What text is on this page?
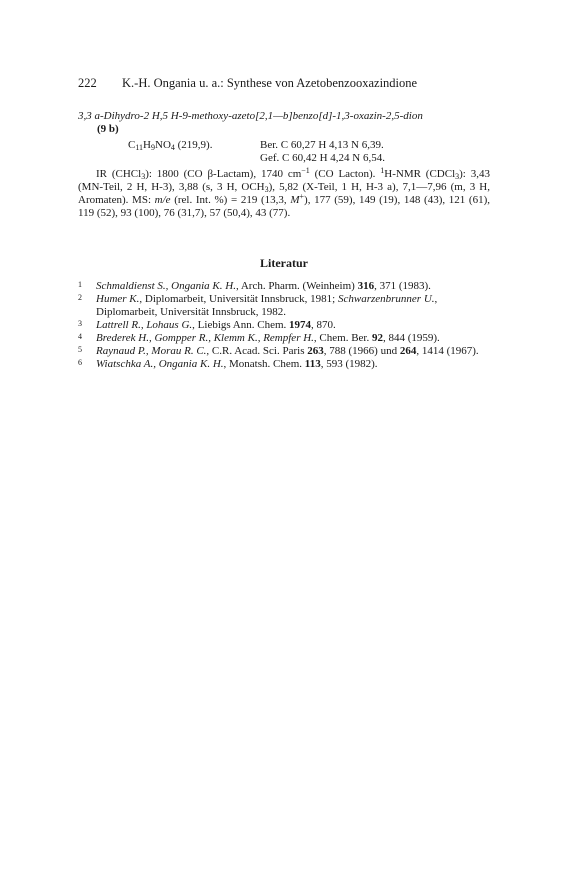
222 K.-H. Ongania u. a.: Synthese von Azetobenzooxazindione
3,3 a-Dihydro-2 H,5 H-9-methoxy-azeto[2,1—b]benzo[d]-1,3-oxazin-2,5-dion
(9 b)
$C_{11}H_9NO_4$ (219,9).	Ber. C 60,27 H 4,13 N 6,39.
Gef. C 60,42 H 4,24 N 6,54.

IR (CHCl$_3$): 1800 (CO β-Lactam), 1740 $cm^{-1}$ (CO Lacton). $^1$H-NMR (CDCl$_3$): 3,43 (MN-Teil, 2 H, H-3), 3,88 (s, 3 H, $OCH_3$), 5,82 (X-Teil, 1 H, H-3 a), 7,1—7,96 (m, 3 H, Aromaten). MS: m/e (rel. Int. %) = 219 (13,3, M+), 177 (59), 149 (19), 148 (43), 121 (61), 119 (52), 93 (100), 76 (31,7), 57 (50,4), 43 (77).

Literatur

1 Schmaldienst S., Ongania K. H., Arch. Pharm. (Weinheim) 316, 371 (1983).

2 Humer K., Diplomarbeit, Universität Innsbruck, 1981; Schwarzenbrunner U., Diplomarbeit, Universität Innsbruck, 1982.

3 Lattrell R., Lohaus G., Liebigs Ann. Chem. 1974, 870.

4 Brederek H., Gompper R., Klemm K., Rempfer H., Chem. Ber. 92, 844 (1959).

5 Raynaud P., Morau R. C., C.R. Acad. Sci. Paris 263, 788 (1966) und 264, 1414 (1967).

6 Wiatschka A., Ongania K. H., Monatsh. Chem. 113, 593 (1982).
